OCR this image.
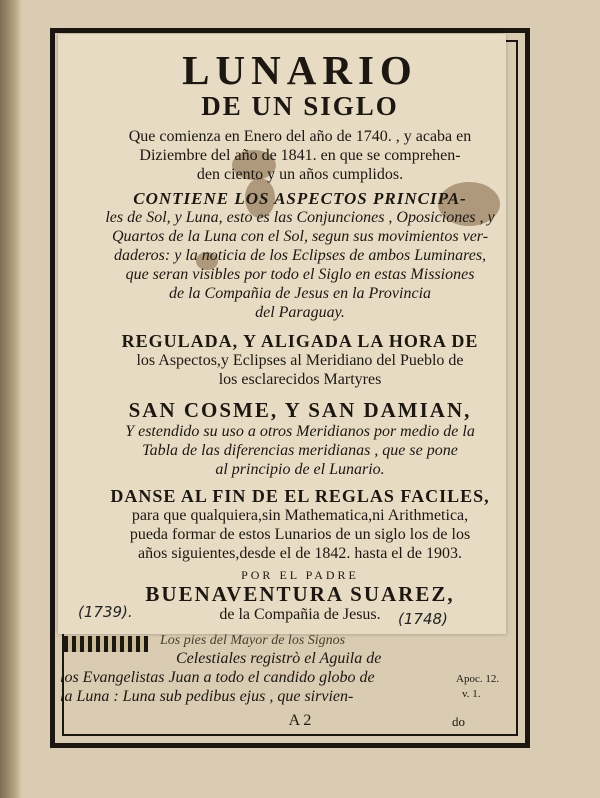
LUNARIO
DE UN SIGLO
Que comienza en Enero del año de 1740. , y acaba en
Diziembre del año de 1841. en que se comprehen-
den ciento y un años cumplidos.
CONTIENE LOS ASPECTOS PRINCIPA-
les de Sol, y Luna, esto es las Conjunciones , Oposiciones , y
Quartos de la Luna con el Sol, segun sus movimientos ver-
daderos: y la noticia de los Eclipses de ambos Luminares,
que seran visibles por todo el Siglo en estas Missiones
de la Compañia de Jesus en la Provincia
del Paraguay.
REGULADA, Y ALIGADA LA HORA DE
los Aspectos,y Eclipses al Meridiano del Pueblo de
los esclarecidos Martyres
SAN COSME, Y SAN DAMIAN,
Y estendido su uso a otros Meridianos por medio de la
Tabla de las diferencias meridianas , que se pone
al principio de el Lunario.
DANSE AL FIN DE EL REGLAS FACILES,
para que qualquiera,sin Mathematica,ni Arithmetica,
pueda formar de estos Lunarios de un siglo los de los
años siguientes,desde el de 1842. hasta el de 1903.
POR EL PADRE
BUENAVENTURA SUAREZ,
de la Compañia de Jesus.
(1739).	(1748)
Los pies del Mayor de los Signos
Celestiales registrò el Aguila de
los Evangelistas Juan a todo el candido globo de
la Luna : Luna sub pedibus ejus , que sirvien-
Apoc. 12.
v. 1.
A 2	do
